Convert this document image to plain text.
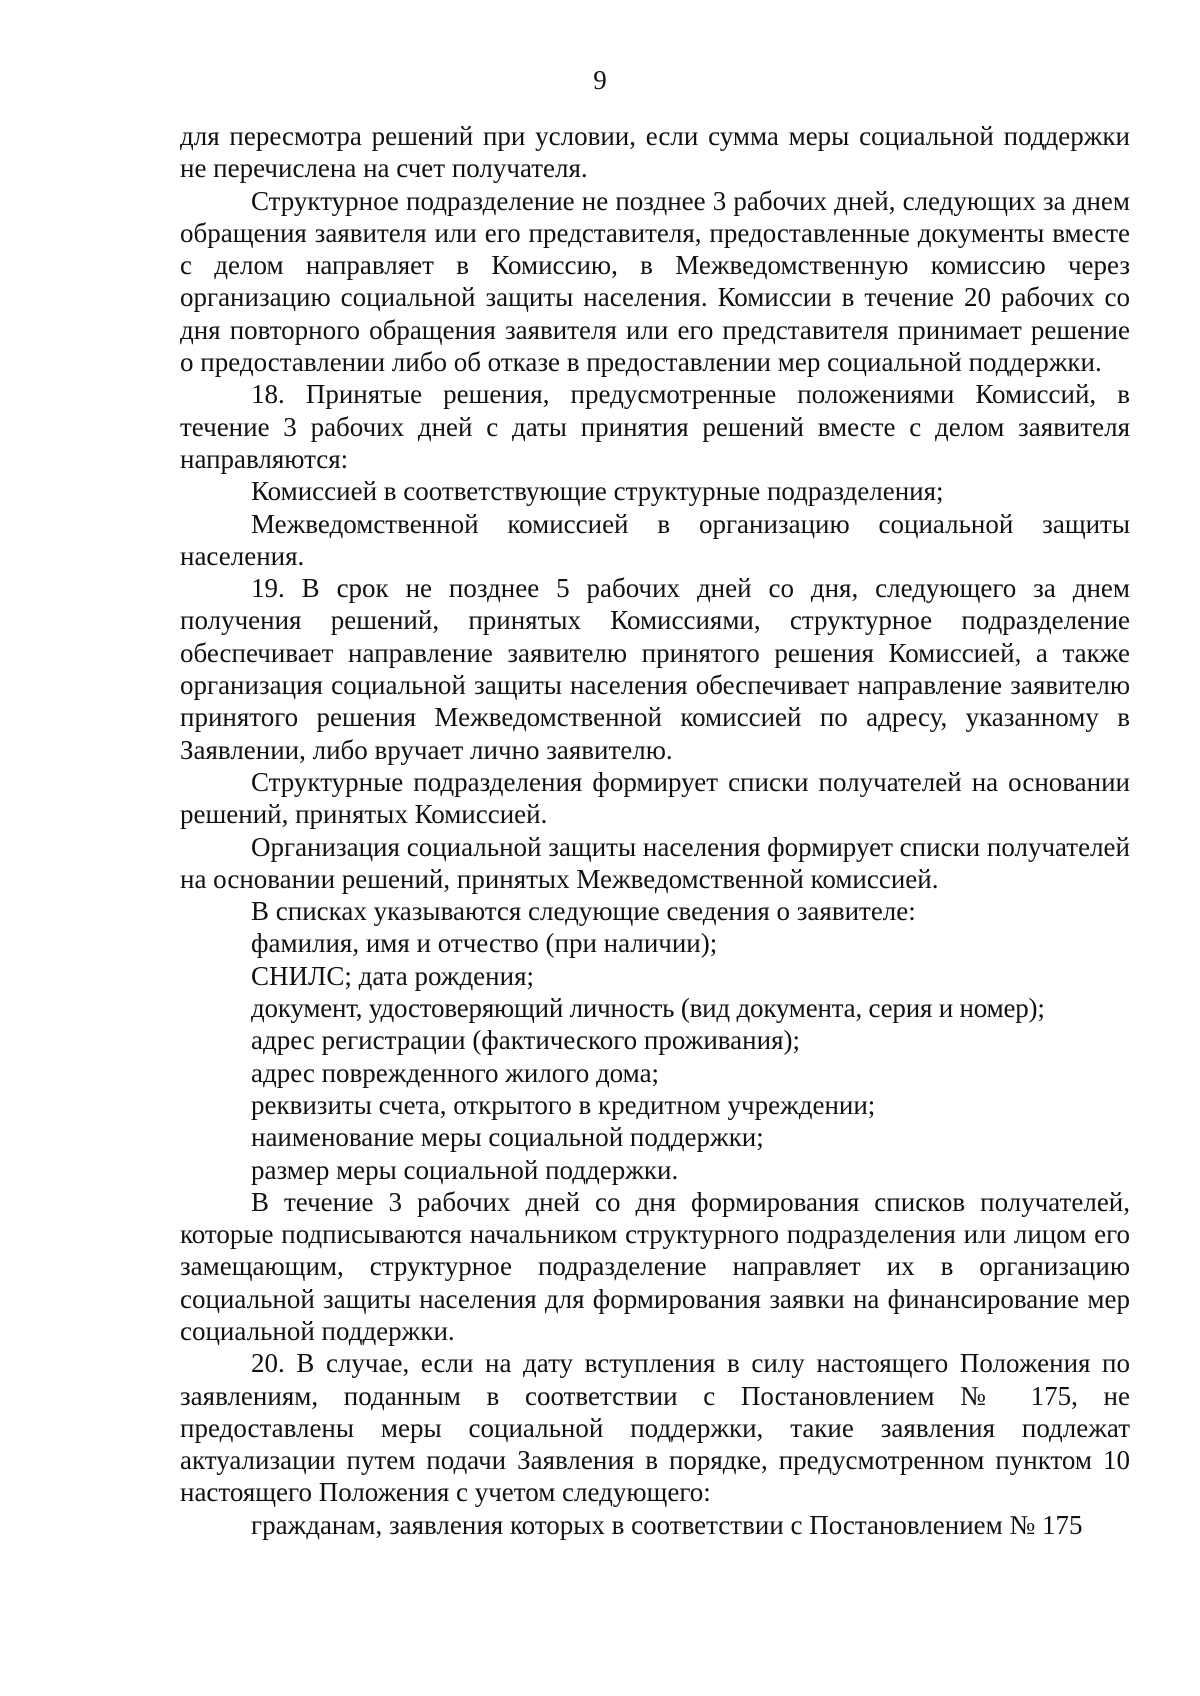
9

для пересмотра решений при условии, если сумма меры социальной поддержки не перечислена на счет получателя.

Структурное подразделение не позднее 3 рабочих дней, следующих за днем обращения заявителя или его представителя, предоставленные документы вместе с делом направляет в Комиссию, в Межведомственную комиссию через организацию социальной защиты населения. Комиссии в течение 20 рабочих со дня повторного обращения заявителя или его представителя принимает решение о предоставлении либо об отказе в предоставлении мер социальной поддержки.

18. Принятые решения, предусмотренные положениями Комиссий, в течение 3 рабочих дней с даты принятия решений вместе с делом заявителя направляются:

Комиссией в соответствующие структурные подразделения;

Межведомственной комиссией в организацию социальной защиты населения.

19. В срок не позднее 5 рабочих дней со дня, следующего за днем получения решений, принятых Комиссиями, структурное подразделение обеспечивает направление заявителю принятого решения Комиссией, а также организация социальной защиты населения обеспечивает направление заявителю принятого решения Межведомственной комиссией по адресу, указанному в Заявлении, либо вручает лично заявителю.

Структурные подразделения формирует списки получателей на основании решений, принятых Комиссией.

Организация социальной защиты населения формирует списки получателей на основании решений, принятых Межведомственной комиссией.

В списках указываются следующие сведения о заявителе:

фамилия, имя и отчество (при наличии);

СНИЛС; дата рождения;

документ, удостоверяющий личность (вид документа, серия и номер);

адрес регистрации (фактического проживания);

адрес поврежденного жилого дома;

реквизиты счета, открытого в кредитном учреждении;

наименование меры социальной поддержки;

размер меры социальной поддержки.

В течение 3 рабочих дней со дня формирования списков получателей, которые подписываются начальником структурного подразделения или лицом его замещающим, структурное подразделение направляет их в организацию социальной защиты населения для формирования заявки на финансирование мер социальной поддержки.

20. В случае, если на дату вступления в силу настоящего Положения по заявлениям, поданным в соответствии с Постановлением № 175, не предоставлены меры социальной поддержки, такие заявления подлежат актуализации путем подачи Заявления в порядке, предусмотренном пунктом 10 настоящего Положения с учетом следующего:

гражданам, заявления которых в соответствии с Постановлением № 175
